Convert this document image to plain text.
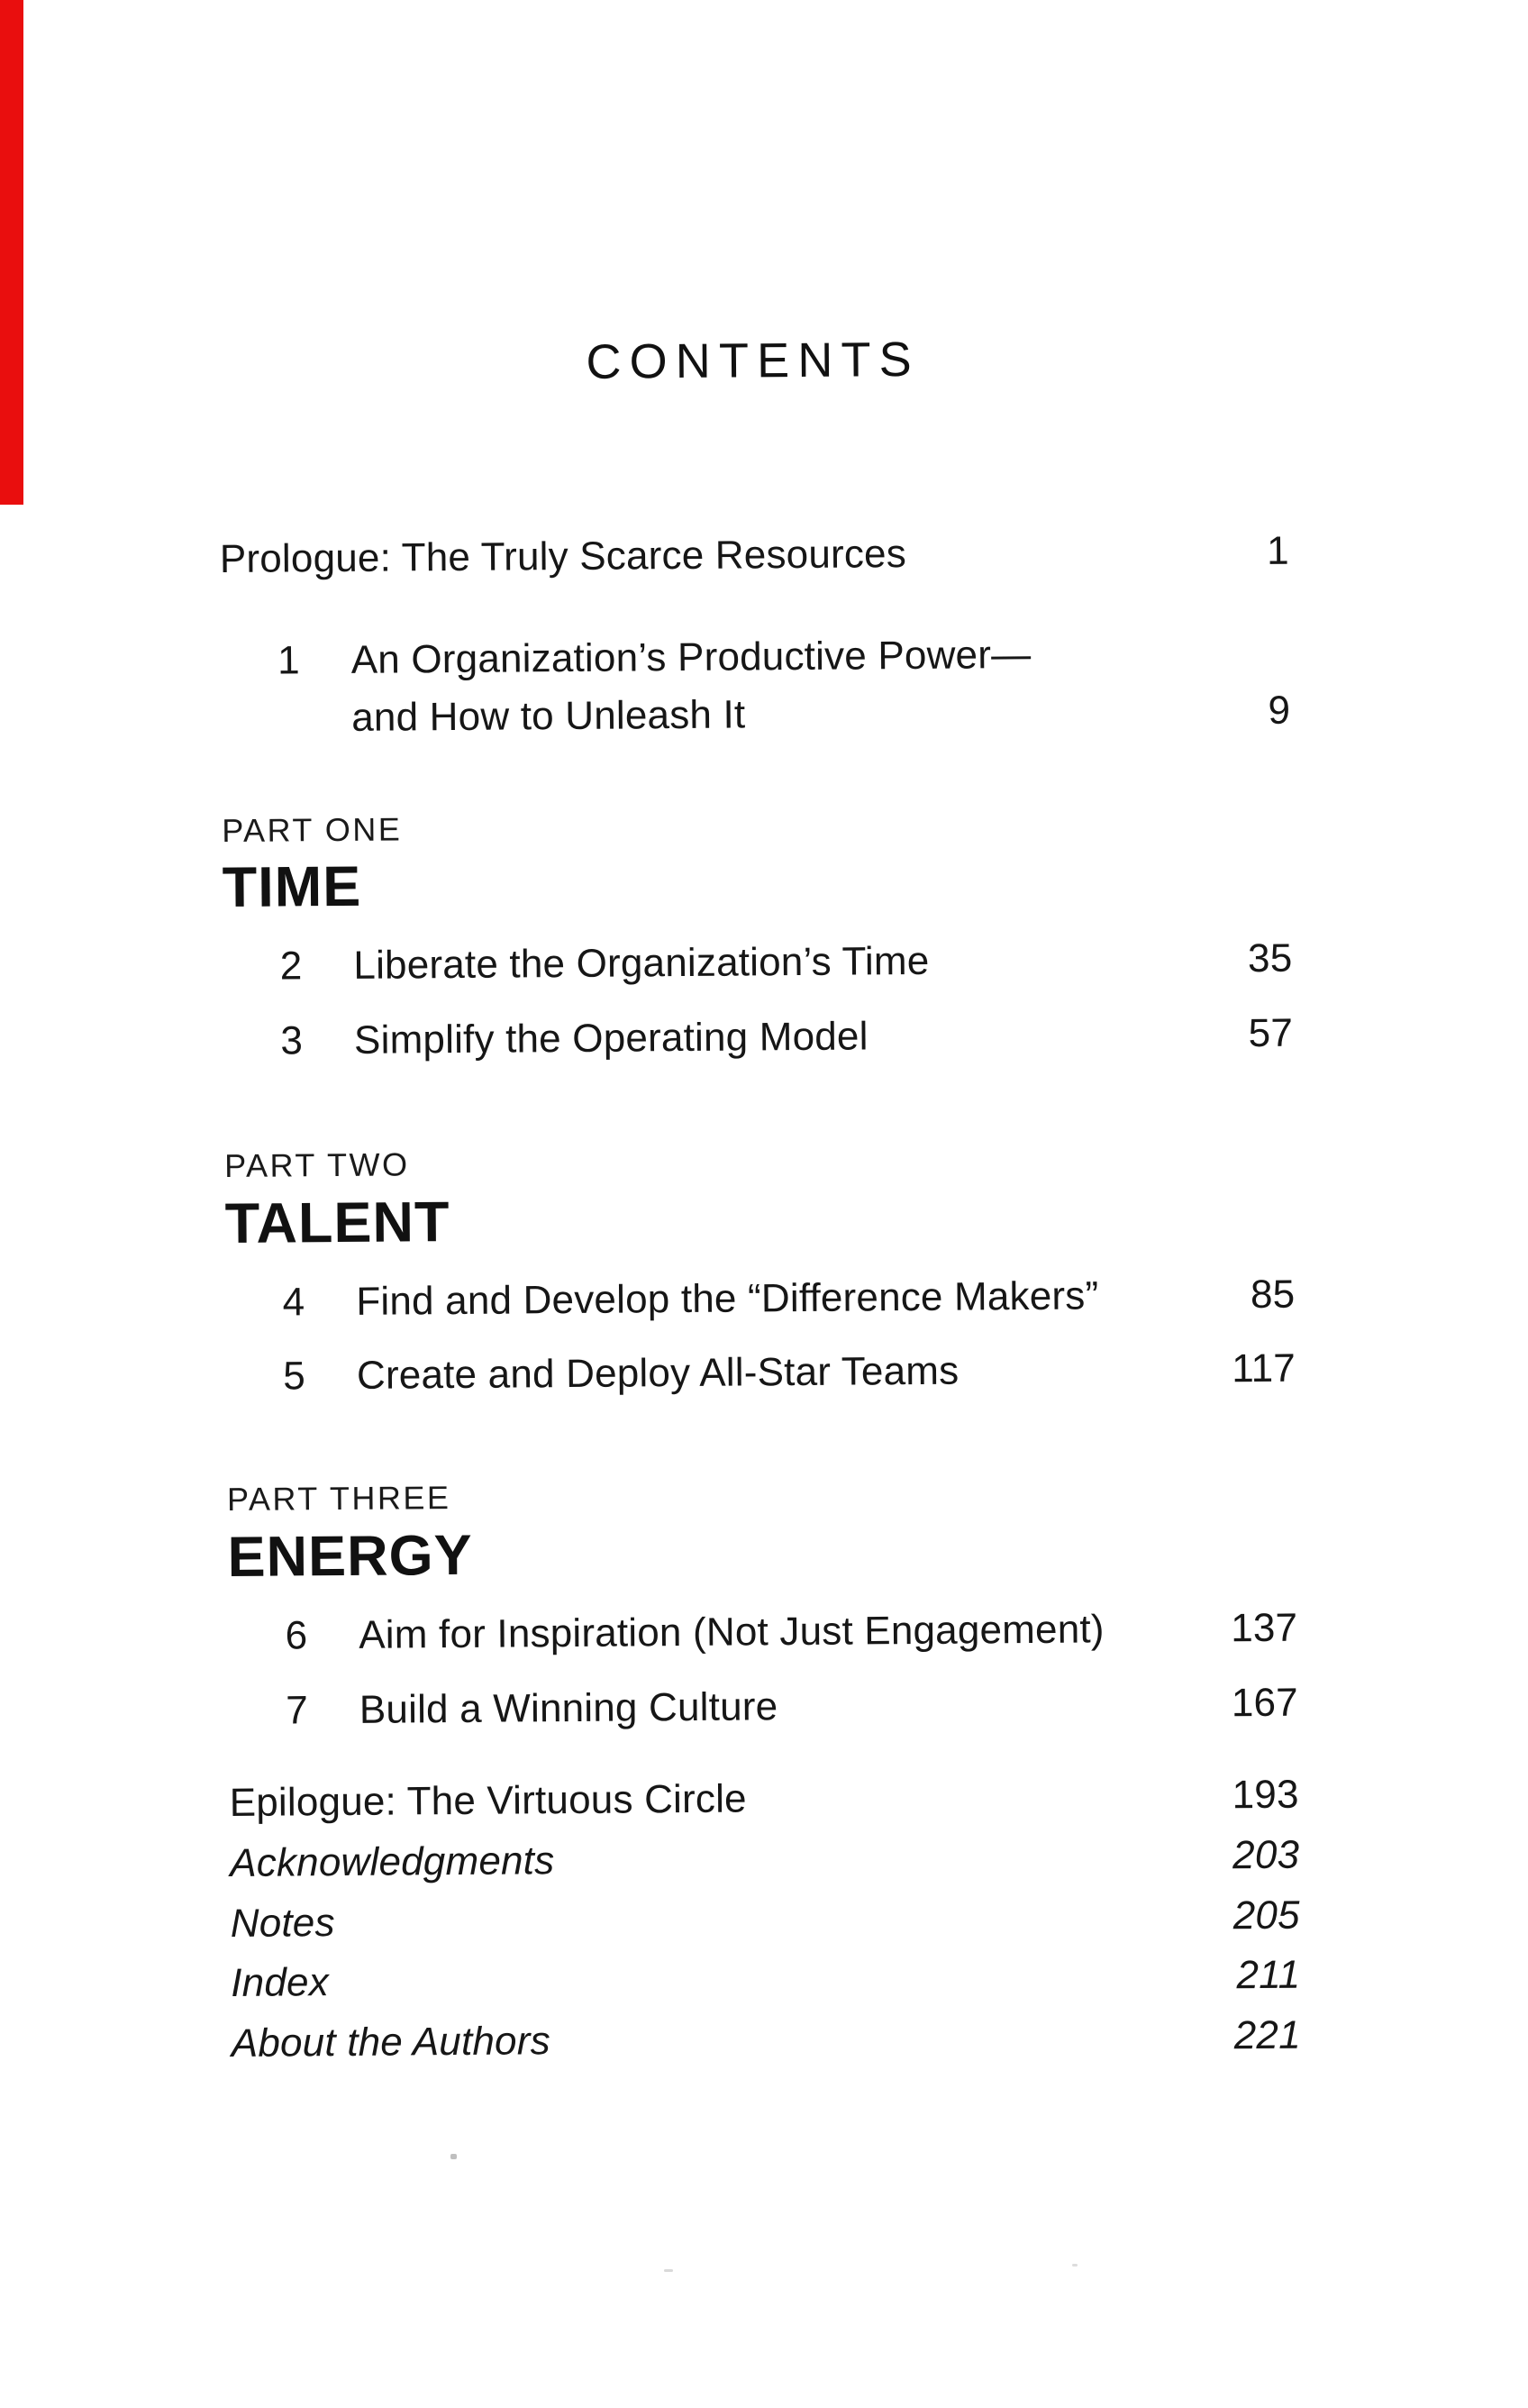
CONTENTS
Prologue: The Truly Scarce Resources	1
1 An Organization’s Productive Power—
and How to Unleash It	9

PART ONE

TIME

2 Liberate the Organization’s Time	35
3 Simplify the Operating Model	57

PART TWO

TALENT

4 Find and Develop the “Difference Makers”	85
5 Create and Deploy All-Star Teams	117

PART THREE

ENERGY

6 Aim for Inspiration (Not Just Engagement)	137
7 Build a Winning Culture	167
Epilogue: The Virtuous Circle	193
Acknowledgments	203
Notes	205
Index	211
About the Authors	221
